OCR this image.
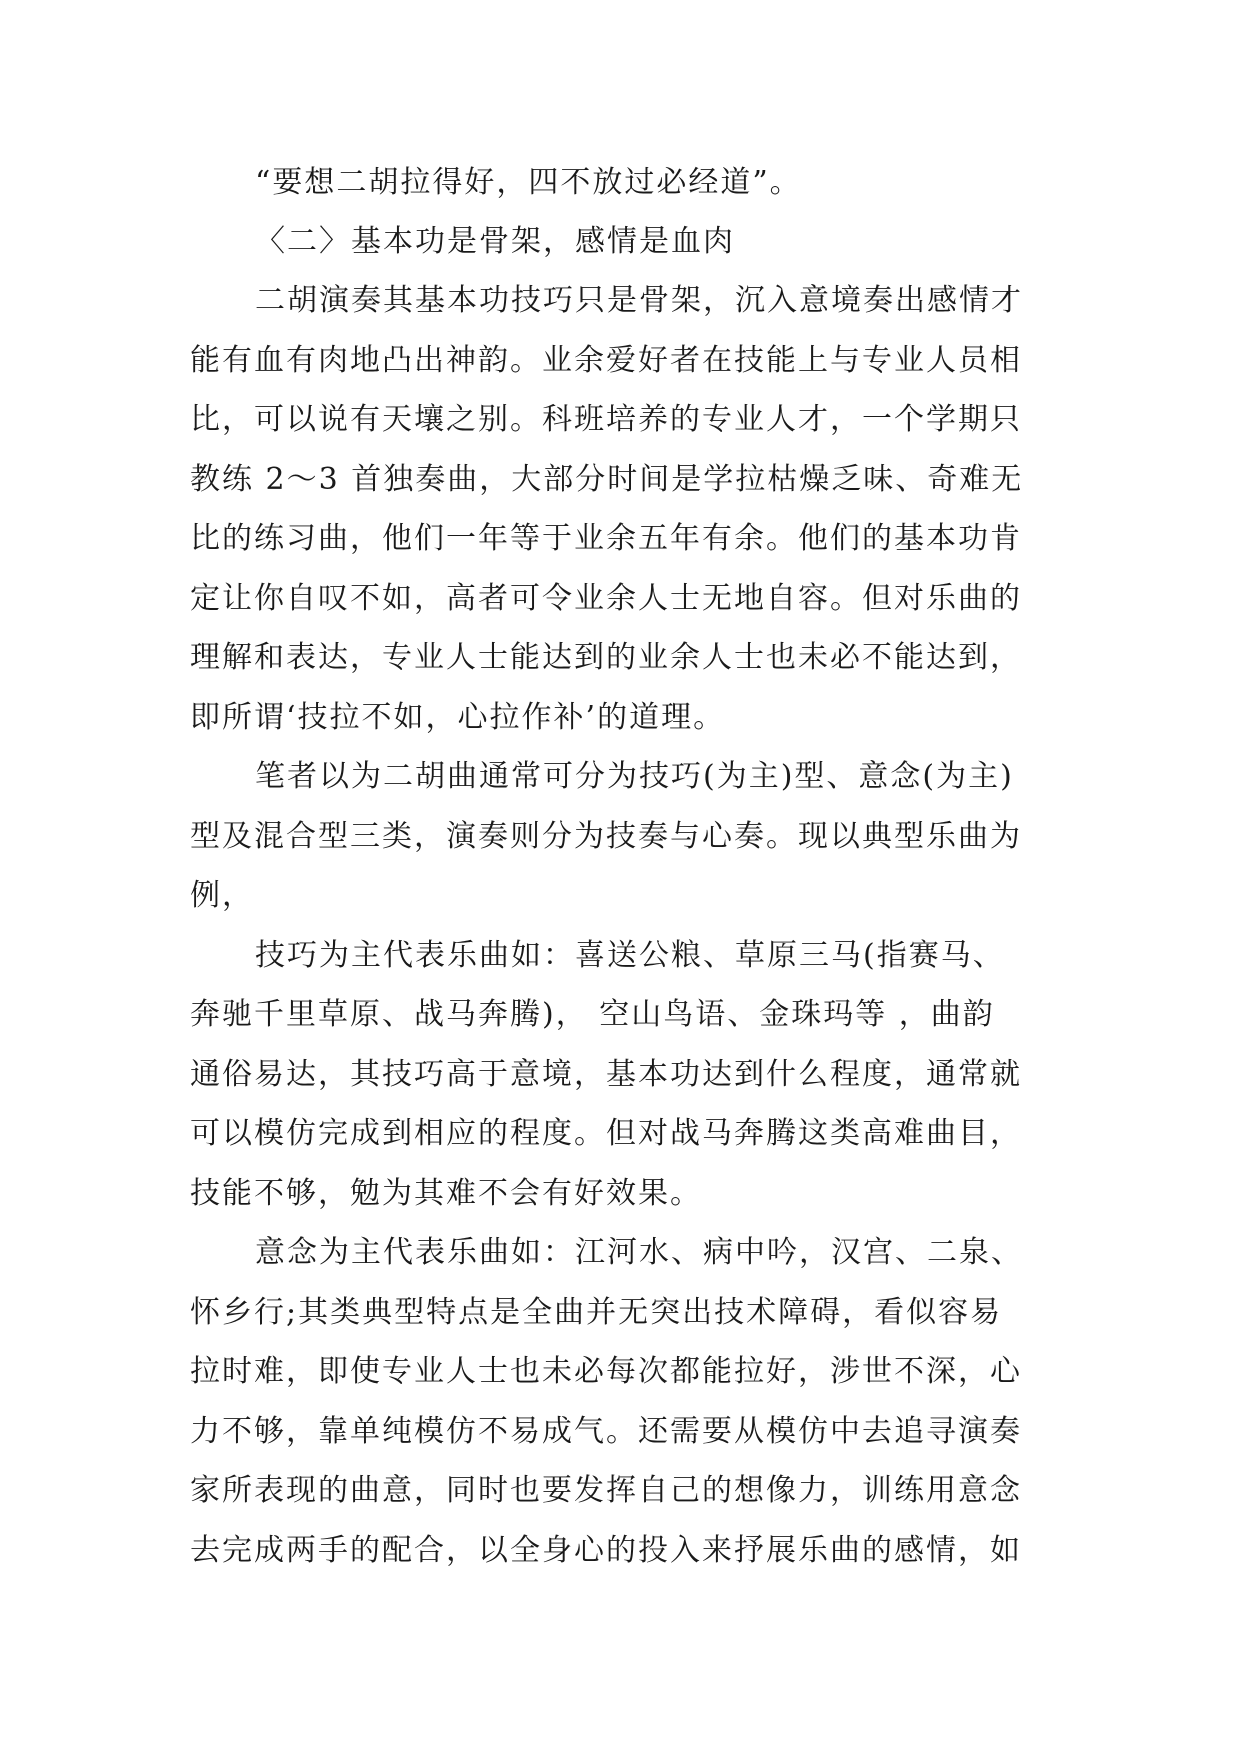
“要想二胡拉得好，四不放过必经道”。
〈二〉基本功是骨架，感情是血肉
二胡演奏其基本功技巧只是骨架，沉入意境奏出感情才
能有血有肉地凸出神韵。业余爱好者在技能上与专业人员相
比，可以说有天壤之别。科班培养的专业人才，一个学期只
教练 2～3 首独奏曲，大部分时间是学拉枯燥乏味、奇难无
比的练习曲，他们一年等于业余五年有余。他们的基本功肯
定让你自叹不如，高者可令业余人士无地自容。但对乐曲的
理解和表达，专业人士能达到的业余人士也未必不能达到，
即所谓‘技拉不如，心拉作补’的道理。
笔者以为二胡曲通常可分为技巧(为主)型、意念(为主)
型及混合型三类，演奏则分为技奏与心奏。现以典型乐曲为
例，
技巧为主代表乐曲如：喜送公粮、草原三马(指赛马、
奔驰千里草原、战马奔腾)， 空山鸟语、金珠玛等 ，曲韵
通俗易达，其技巧高于意境，基本功达到什么程度，通常就
可以模仿完成到相应的程度。但对战马奔腾这类高难曲目，
技能不够，勉为其难不会有好效果。
意念为主代表乐曲如：江河水、病中吟，汉宫、二泉、
怀乡行;其类典型特点是全曲并无突出技术障碍，看似容易
拉时难，即使专业人士也未必每次都能拉好，涉世不深，心
力不够，靠单纯模仿不易成气。还需要从模仿中去追寻演奏
家所表现的曲意，同时也要发挥自己的想像力，训练用意念
去完成两手的配合，以全身心的投入来抒展乐曲的感情，如
